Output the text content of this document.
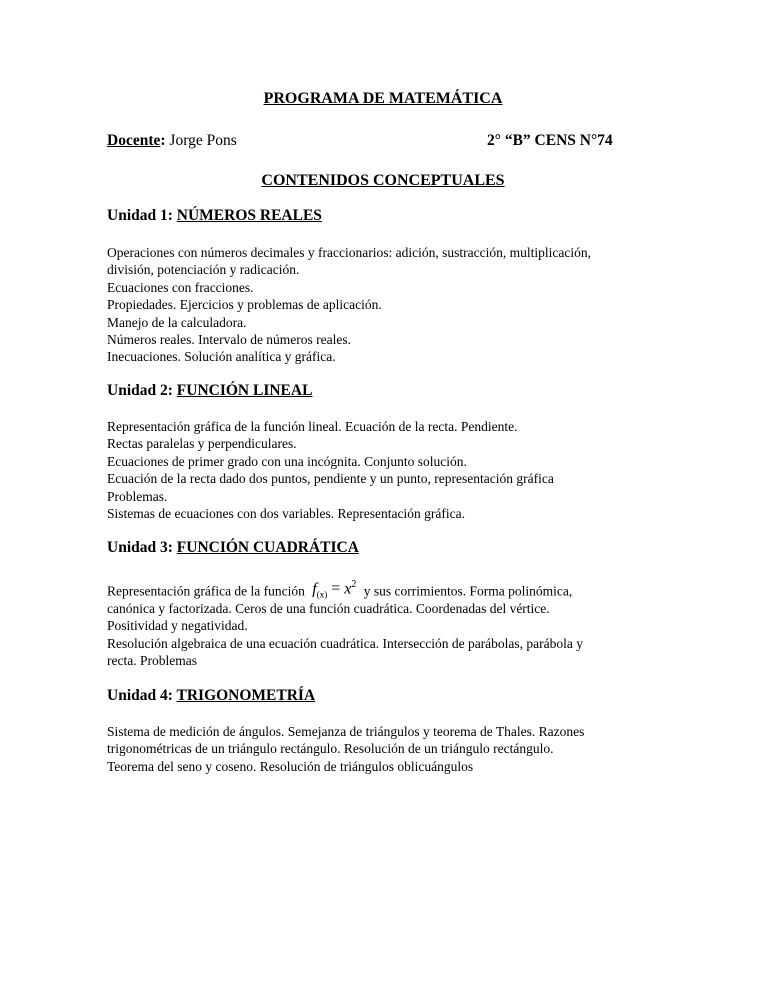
PROGRAMA DE MATEMÁTICA
Docente: Jorge Pons	2° “B” CENS N°74
CONTENIDOS CONCEPTUALES
Unidad 1: NÚMEROS REALES
Operaciones con números decimales y fraccionarios: adición, sustracción, multiplicación,
división, potenciación y radicación.
Ecuaciones con fracciones.
Propiedades. Ejercicios y problemas de aplicación.
Manejo de la calculadora.
Números reales. Intervalo de números reales.
Inecuaciones. Solución analítica y gráfica.
Unidad 2: FUNCIÓN LINEAL
Representación gráfica de la función lineal. Ecuación de la recta. Pendiente.
Rectas paralelas y perpendiculares.
Ecuaciones de primer grado con una incógnita. Conjunto solución.
Ecuación de la recta dado dos puntos, pendiente y un punto, representación gráfica
Problemas.
Sistemas de ecuaciones con dos variables. Representación gráfica.
Unidad 3: FUNCIÓN CUADRÁTICA
Representación gráfica de la función $f_{(x)} = x^2$ y sus corrimientos. Forma polinómica,
canónica y factorizada. Ceros de una función cuadrática. Coordenadas del vértice.
Positividad y negatividad.
Resolución algebraica de una ecuación cuadrática. Intersección de parábolas, parábola y
recta. Problemas
Unidad 4: TRIGONOMETRÍA
Sistema de medición de ángulos. Semejanza de triángulos y teorema de Thales. Razones
trigonométricas de un triángulo rectángulo. Resolución de un triángulo rectángulo.
Teorema del seno y coseno. Resolución de triángulos oblicuángulos
